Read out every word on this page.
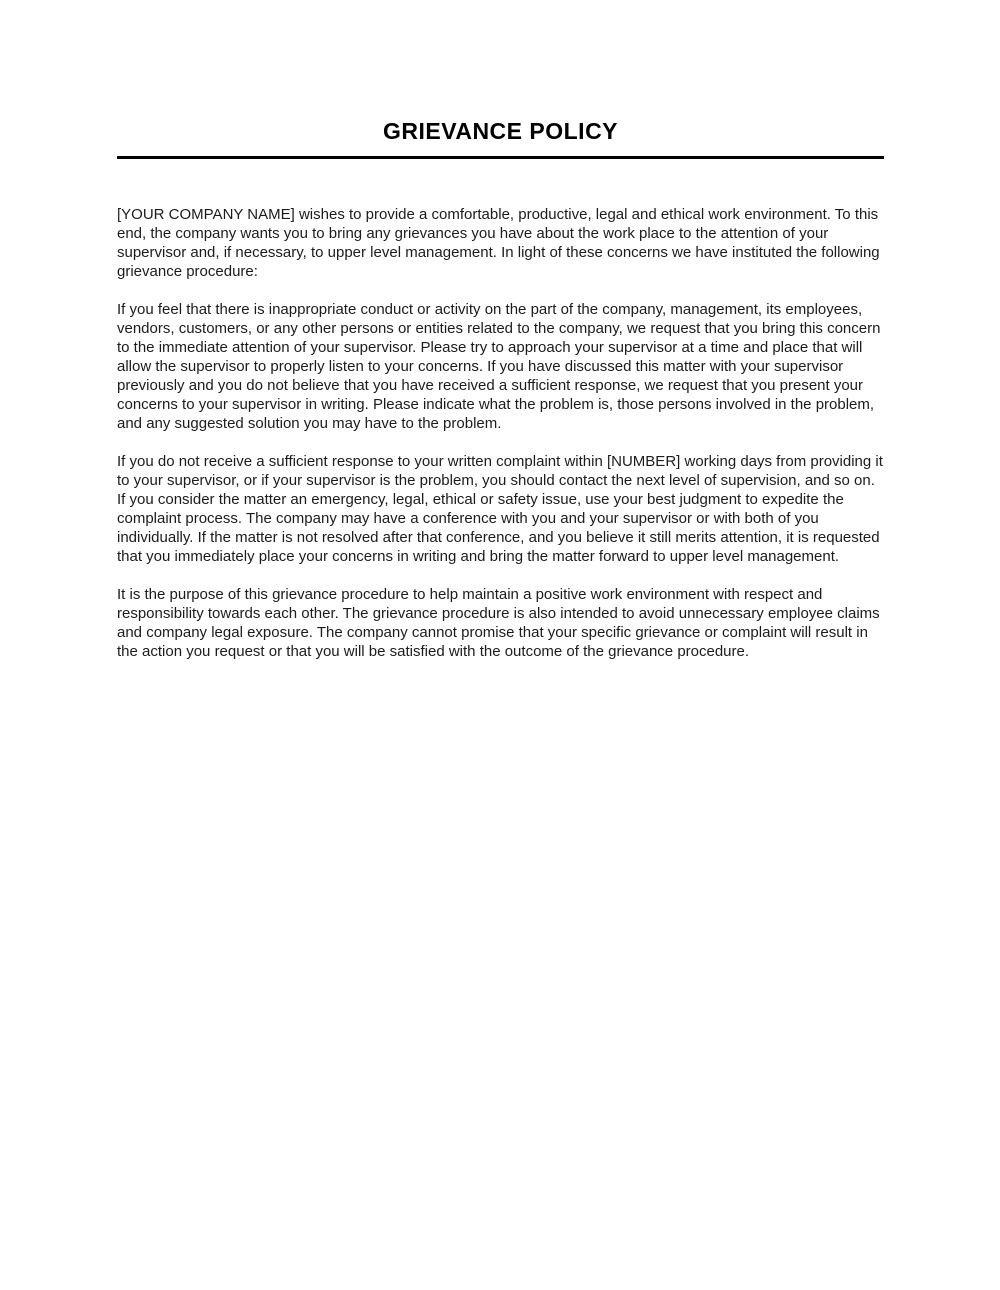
GRIEVANCE POLICY

[YOUR COMPANY NAME] wishes to provide a comfortable, productive, legal and ethical work environment. To this end, the company wants you to bring any grievances you have about the work place to the attention of your supervisor and, if necessary, to upper level management. In light of these concerns we have instituted the following grievance procedure:

If you feel that there is inappropriate conduct or activity on the part of the company, management, its employees, vendors, customers, or any other persons or entities related to the company, we request that you bring this concern to the immediate attention of your supervisor. Please try to approach your supervisor at a time and place that will allow the supervisor to properly listen to your concerns. If you have discussed this matter with your supervisor previously and you do not believe that you have received a sufficient response, we request that you present your concerns to your supervisor in writing. Please indicate what the problem is, those persons involved in the problem, and any suggested solution you may have to the problem.

If you do not receive a sufficient response to your written complaint within [NUMBER] working days from providing it to your supervisor, or if your supervisor is the problem, you should contact the next level of supervision, and so on. If you consider the matter an emergency, legal, ethical or safety issue, use your best judgment to expedite the complaint process. The company may have a conference with you and your supervisor or with both of you individually. If the matter is not resolved after that conference, and you believe it still merits attention, it is requested that you immediately place your concerns in writing and bring the matter forward to upper level management.

It is the purpose of this grievance procedure to help maintain a positive work environment with respect and responsibility towards each other. The grievance procedure is also intended to avoid unnecessary employee claims and company legal exposure. The company cannot promise that your specific grievance or complaint will result in the action you request or that you will be satisfied with the outcome of the grievance procedure.
